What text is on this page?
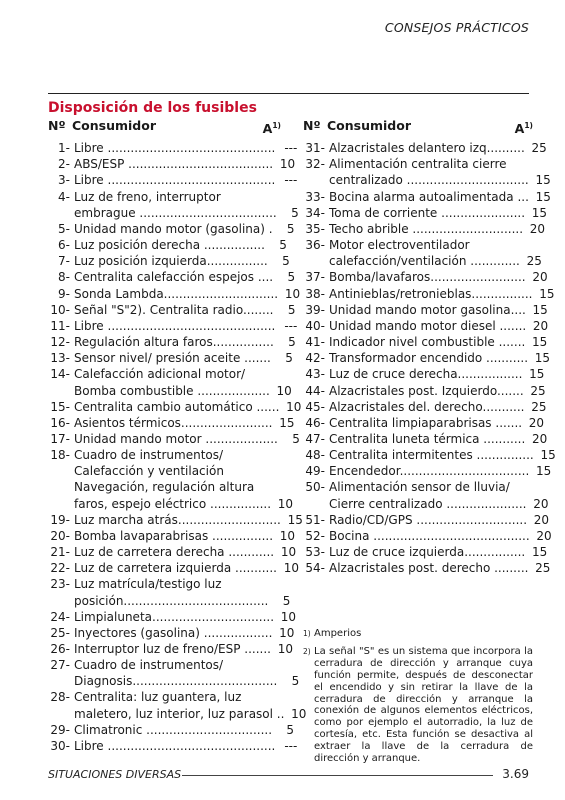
CONSEJOS PRÁCTICOS
Disposición de los fusibles
Nº Consumidor	$A^{1)}$
1- Libre ............................................ ---
2- ABS/ESP ...................................... 10
3- Libre ............................................ ---
4- Luz de freno, interruptor
embrague ....................................	5
5- Unidad mando motor (gasolina) .	5
6- Luz posición derecha ................	5
7- Luz posición izquierda................	5
8- Centralita calefacción espejos ....	5
9- Sonda Lambda.............................. 10
10- Señal "S"2). Centralita radio........	5
11- Libre ............................................ ---
12- Regulación altura faros................	5
13- Sensor nivel/ presión aceite .......	5
14- Calefacción adicional motor/
Bomba combustible ................... 10
15- Centralita cambio automático ...... 10
16- Asientos térmicos........................ 15
17- Unidad mando motor ...................	5
18- Cuadro de instrumentos/
Calefacción y ventilación
Navegación, regulación altura
faros, espejo eléctrico ................ 10
19- Luz marcha atrás........................... 15
20- Bomba lavaparabrisas ................ 10
21- Luz de carretera derecha ............ 10
22- Luz de carretera izquierda ........... 10
23- Luz matrícula/testigo luz
posición......................................	5
24- Limpialuneta................................ 10
25- Inyectores (gasolina) .................. 10
26- Interruptor luz de freno/ESP ....... 10
27- Cuadro de instrumentos/
Diagnosis......................................	5
28- Centralita: luz guantera, luz
maletero, luz interior, luz parasol .. 10
29- Climatronic .................................	5
30- Libre ............................................ ---
Nº Consumidor	$A^{1)}$
31- Alzacristales delantero izq.......... 25
32- Alimentación centralita cierre
centralizado ................................ 15
33- Bocina alarma autoalimentada ... 15
34- Toma de corriente ...................... 15
35- Techo abrible ............................. 20
36- Motor electroventilador
calefacción/ventilación ............. 25
37- Bomba/lavafaros......................... 20
38- Antinieblas/retronieblas................ 15
39- Unidad mando motor gasolina.... 15
40- Unidad mando motor diesel ....... 20
41- Indicador nivel combustible ....... 15
42- Transformador encendido ........... 15
43- Luz de cruce derecha................. 15
44- Alzacristales post. Izquierdo....... 25
45- Alzacristales del. derecho........... 25
46- Centralita limpiaparabrisas ....... 20
47- Centralita luneta térmica ........... 20
48- Centralita intermitentes ............... 15
49- Encendedor.................................. 15
50- Alimentación sensor de lluvia/
Cierre centralizado ..................... 20
51- Radio/CD/GPS ............................. 20
52- Bocina ......................................... 20
53- Luz de cruce izquierda................ 15
54- Alzacristales post. derecho ......... 25
1) Amperios
2) La señal "S" es un sistema que incorpora la cerradura de dirección y arranque cuya función permite, después de desconectar el encendido y sin retirar la llave de la cerradura de dirección y arranque la conexión de algunos elementos eléctricos, como por ejemplo el autorradio, la luz de cortesía, etc. Esta función se desactiva al extraer la llave de la cerradura de dirección y arranque.
SITUACIONES DIVERSAS	3.69
